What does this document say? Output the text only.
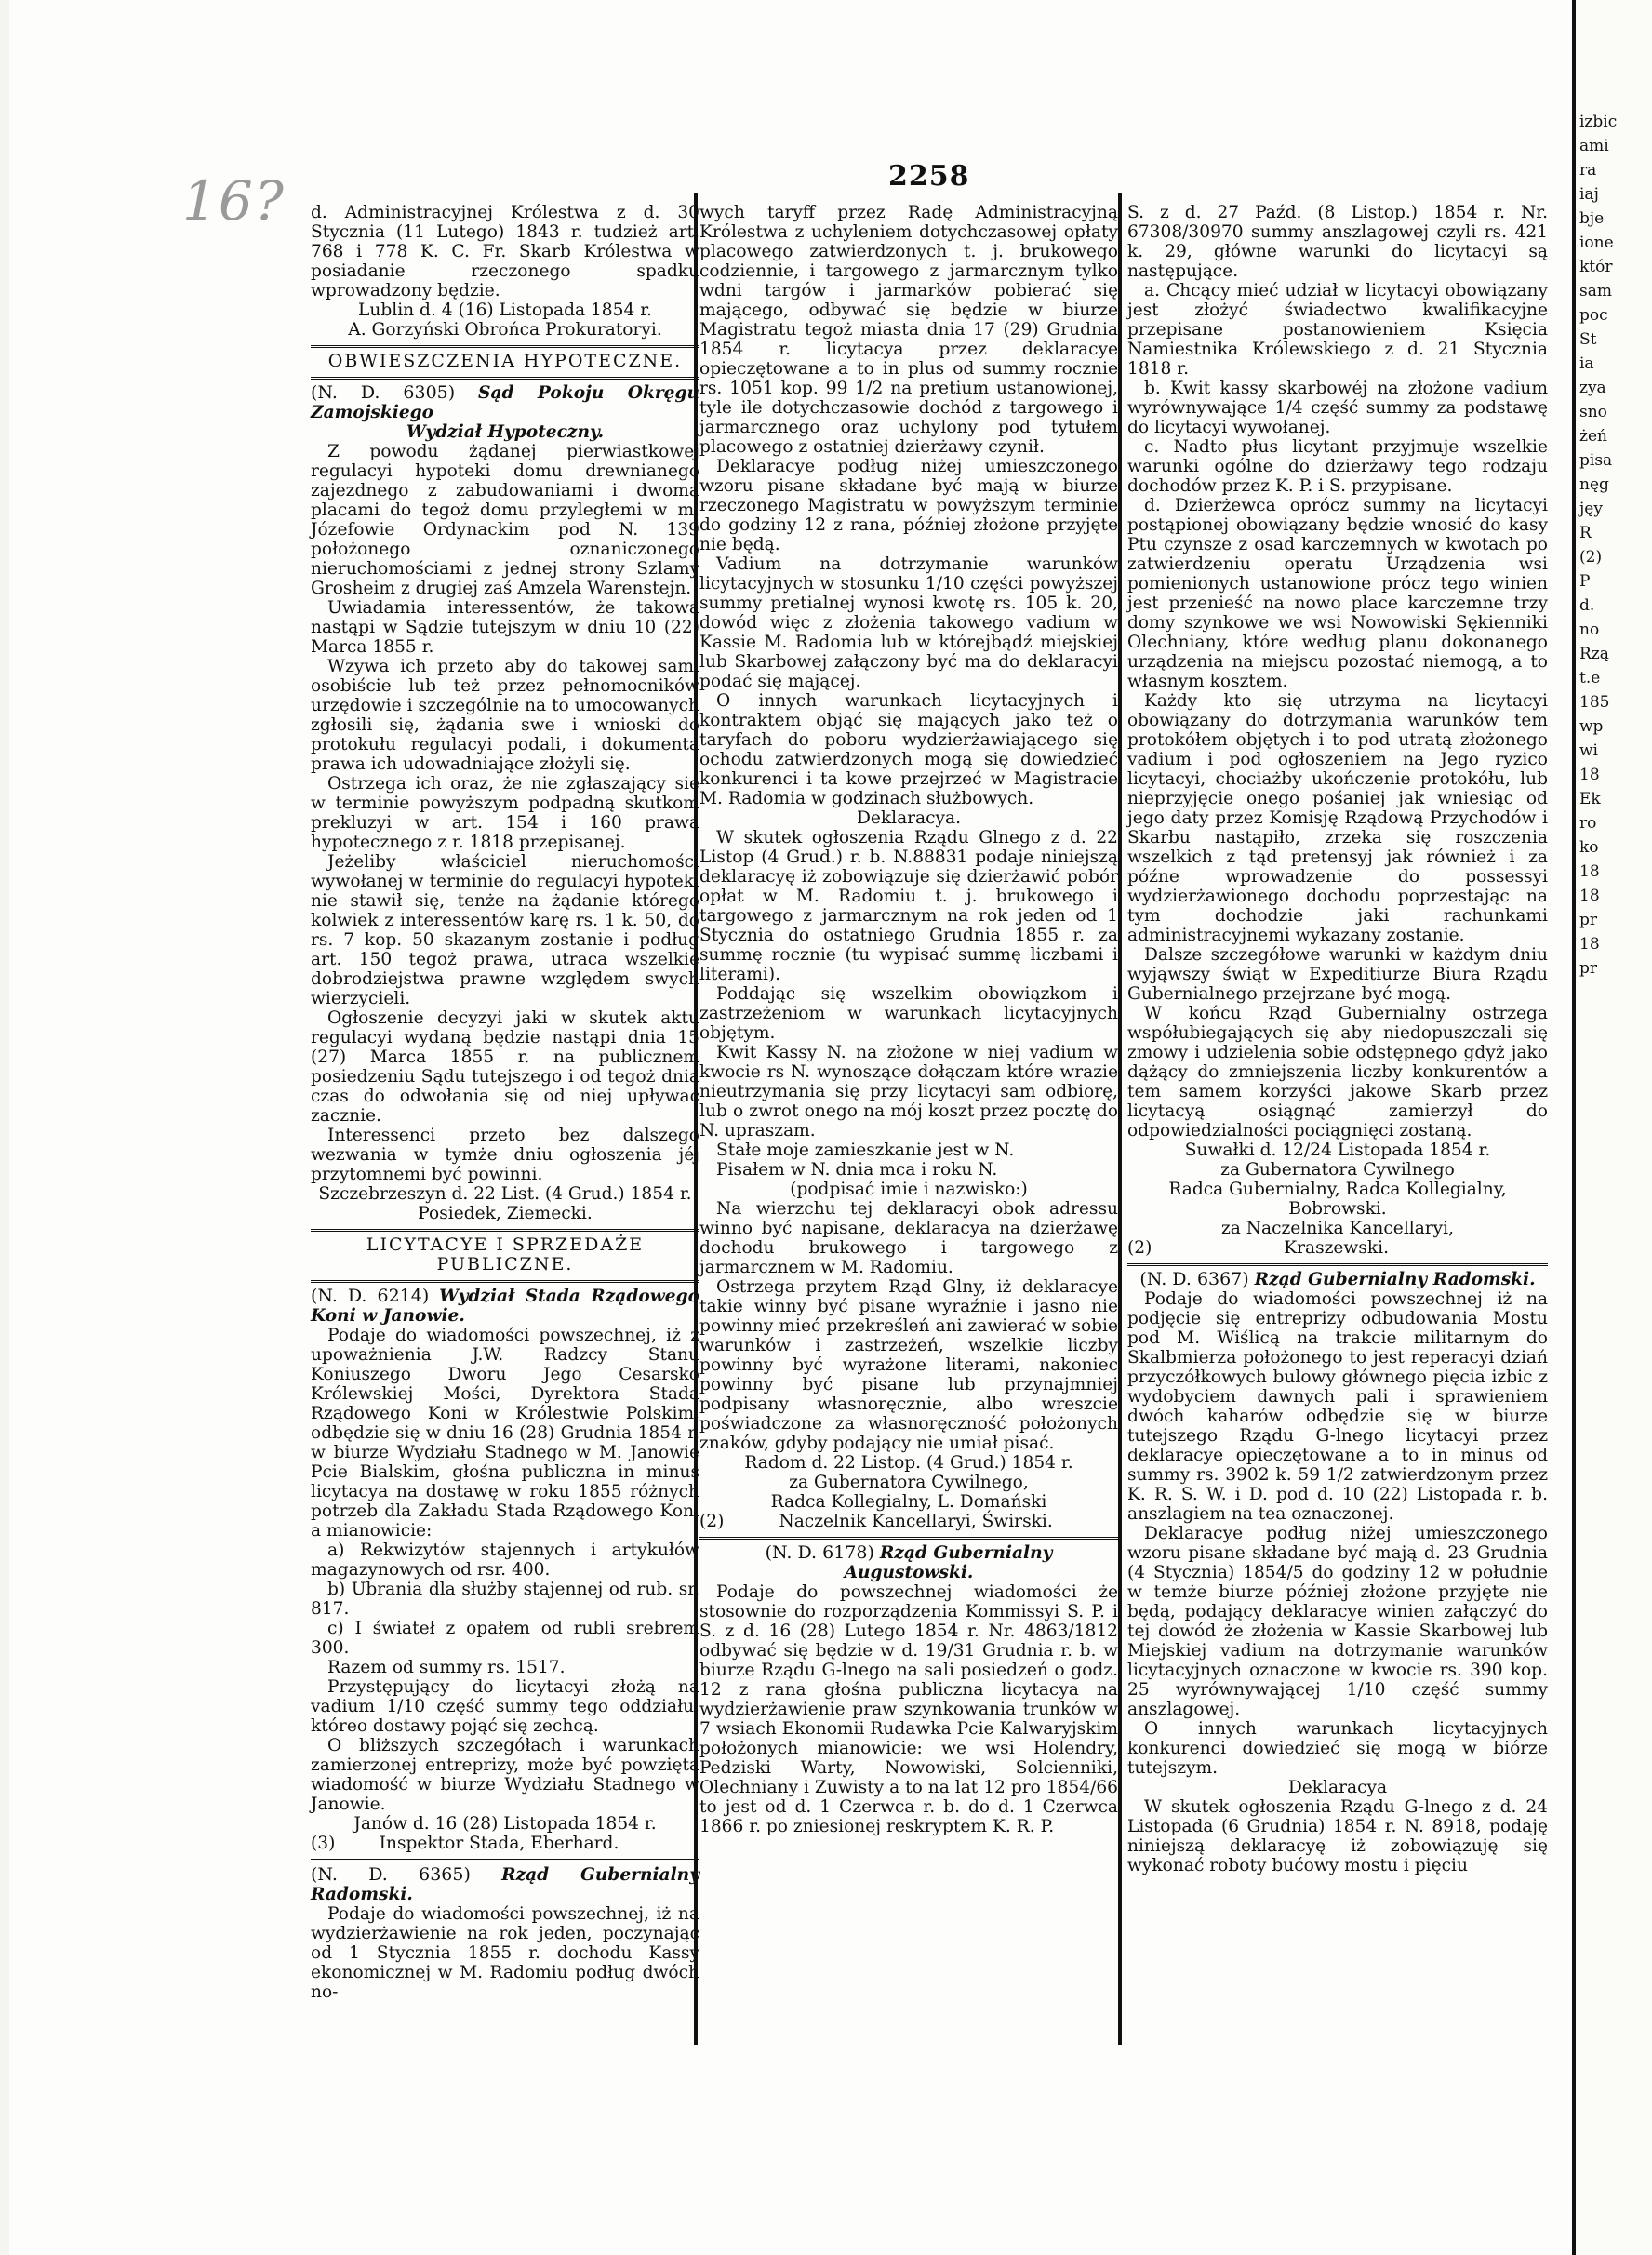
16?	2258

d. Administracyjnej Królestwa z d. 30 Stycznia (11 Lutego) 1843 r. tudzież art. 768 i 778 K. C. Fr. Skarb Królestwa w posiadanie rzeczonego spadku wprowadzony będzie.

Lublin d. 4 (16) Listopada 1854 r.

A. Gorzyński Obrońca Prokuratoryi.

OBWIESZCZENIA HYPOTECZNE.

(N. D. 6305) Sąd Pokoju Okręgu Zamojskiego

Wydział Hypoteczny.

Z powodu żądanej pierwiastkowej regulacyi hypoteki domu drewnianego zajezdnego z zabudowaniami i dwoma placami do tegoż domu przyległemi w m. Józefowie Ordynackim pod N. 139 położonego oznaniczonego nieruchomościami z jednej strony Szlamy Grosheim z drugiej zaś Amzela Warenstejn.

Uwiadamia interessentów, że takowa nastąpi w Sądzie tutejszym w dniu 10 (22) Marca 1855 r.

Wzywa ich przeto aby do takowej sami osobiście lub też przez pełnomocników urzędowie i szczególnie na to umocowanych zgłosili się, żądania swe i wnioski do protokułu regulacyi podali, i dokumenta prawa ich udowadniające złożyli się.

Ostrzega ich oraz, że nie zgłaszający się w terminie powyższym podpadną skutkom prekluzyi w art. 154 i 160 prawa hypotecznego z r. 1818 przepisanej.

Jeżeliby właściciel nieruchomości wywołanej w terminie do regulacyi hypoteki nie stawił się, tenże na żądanie którego kolwiek z interessentów karę rs. 1 k. 50, do rs. 7 kop. 50 skazanym zostanie i podług art. 150 tegoż prawa, utraca wszelkie dobrodziejstwa prawne względem swych wierzycieli.

Ogłoszenie decyzyi jaki w skutek aktu regulacyi wydaną będzie nastąpi dnia 15 (27) Marca 1855 r. na publicznem posiedzeniu Sądu tutejszego i od tegoż dnia czas do odwołania się od niej upływać zacznie.

Interessenci przeto bez dalszego wezwania w tymże dniu ogłoszenia jéj przytomnemi być powinni.

Szczebrzeszyn d. 22 List. (4 Grud.) 1854 r.

Posiedek, Ziemecki.

LICYTACYE I SPRZEDAŻE PUBLICZNE.

(N. D. 6214) Wydział Stada Rządowego Koni w Janowie.

Podaje do wiadomości powszechnej, iż z upoważnienia J.W. Radzcy Stanu Koniuszego Dworu Jego Cesarsko Królewskiej Mości, Dyrektora Stada Rządowego Koni w Królestwie Polskim, odbędzie się w dniu 16 (28) Grudnia 1854 r. w biurze Wydziału Stadnego w M. Janowie Pcie Bialskim, głośna publiczna in minus licytacya na dostawę w roku 1855 różnych potrzeb dla Zakładu Stada Rządowego Koni a mianowicie:

a) Rekwizytów stajennych i artykułów magazynowych od rsr. 400.

b) Ubrania dla służby stajennej od rub. sr. 817.

c) I świateł z opałem od rubli srebrem 300.

Razem od summy rs. 1517.

Przystępujący do licytacyi złożą na vadium 1/10 część summy tego oddziału, któreo dostawy pojąć się zechcą.

O bliższych szczegółach i warunkach zamierzonej entreprizy, może być powzięta wiadomość w biurze Wydziału Stadnego w Janowie.

Janów d. 16 (28) Listopada 1854 r.

(3)	Inspektor Stada, Eberhard.

(N. D. 6365) Rząd Gubernialny Radomski.

Podaje do wiadomości powszechnej, iż na wydzierżawienie na rok jeden, poczynając od 1 Stycznia 1855 r. dochodu Kassy ekonomicznej w M. Radomiu podług dwóch no-

wych taryff przez Radę Administracyjną Królestwa z uchyleniem dotychczasowej opłaty placowego zatwierdzonych t. j. brukowego codziennie, i targowego z jarmarcznym tylko wdni targów i jarmarków pobierać się mającego, odbywać się będzie w biurze Magistratu tegoż miasta dnia 17 (29) Grudnia 1854 r. licytacya przez deklaracye opieczętowane a to in plus od summy rocznie rs. 1051 kop. 99 1/2 na pretium ustanowionej, tyle ile dotychczasowie dochód z targowego i jarmarcznego oraz uchylony pod tytułem placowego z ostatniej dzierżawy czynił.

Deklaracye podług niżej umieszczonego wzoru pisane składane być mają w biurze rzeczonego Magistratu w powyższym terminie do godziny 12 z rana, później złożone przyjęte nie będą.

Vadium na dotrzymanie warunków licytacyjnych w stosunku 1/10 części powyższej summy pretialnej wynosi kwotę rs. 105 k. 20, dowód więc z złożenia takowego vadium w Kassie M. Radomia lub w którejbądź miejskiej lub Skarbowej załączony być ma do deklaracyi podać się mającej.

O innych warunkach licytacyjnych i kontraktem objąć się mających jako też o taryfach do poboru wydzierżawiającego się ochodu zatwierdzonych mogą się dowiedzieć konkurenci i ta kowe przejrzeć w Magistracie M. Radomia w godzinach służbowych.

Deklaracya.

W skutek ogłoszenia Rządu Glnego z d. 22 Listop (4 Grud.) r. b. N.88831 podaje niniejszą deklaracyę iż zobowiązuje się dzierżawić pobór opłat w M. Radomiu t. j. brukowego i targowego z jarmarcznym na rok jeden od 1 Stycznia do ostatniego Grudnia 1855 r. za summę rocznie (tu wypisać summę liczbami i literami).

Poddając się wszelkim obowiązkom i zastrzeżeniom w warunkach licytacyjnych objętym.

Kwit Kassy N. na złożone w niej vadium w kwocie rs N. wynoszące dołączam które wrazie nieutrzymania się przy licytacyi sam odbiorę, lub o zwrot onego na mój koszt przez pocztę do N. upraszam.

Stałe moje zamieszkanie jest w N.

Pisałem w N. dnia mca i roku N.

(podpisać imie i nazwisko:)

Na wierzchu tej deklaracyi obok adressu winno być napisane, deklaracya na dzierżawę dochodu brukowego i targowego z jarmarcznem w M. Radomiu.

Ostrzega przytem Rząd Glny, iż deklaracye takie winny być pisane wyraźnie i jasno nie powinny mieć przekreśleń ani zawierać w sobie warunków i zastrzeżeń, wszelkie liczby powinny być wyrażone literami, nakoniec powinny być pisane lub przynajmniej podpisany własnoręcznie, albo wreszcie poświadczone za własnoręczność położonych znaków, gdyby podający nie umiał pisać.

Radom d. 22 Listop. (4 Grud.) 1854 r.

za Gubernatora Cywilnego,

Radca Kollegialny, L. Domański

(2)	Naczelnik Kancellaryi, Świrski.

(N. D. 6178) Rząd Gubernialny Augustowski.

Podaje do powszechnej wiadomości że stosownie do rozporządzenia Kommissyi S. P. i S. z d. 16 (28) Lutego 1854 r. Nr. 4863/1812 odbywać się będzie w d. 19/31 Grudnia r. b. w biurze Rządu G-lnego na sali posiedzeń o godz. 12 z rana głośna publiczna licytacya na wydzierżawienie praw szynkowania trunków w 7 wsiach Ekonomii Rudawka Pcie Kalwaryjskim położonych mianowicie: we wsi Holendry, Pedziski Warty, Nowowiski, Solcienniki, Olechniany i Zuwisty a to na lat 12 pro 1854/66 to jest od d. 1 Czerwca r. b. do d. 1 Czerwca 1866 r. po zniesionej reskryptem K. R. P.

S. z d. 27 Paźd. (8 Listop.) 1854 r. Nr. 67308/30970 summy anszlagowej czyli rs. 421 k. 29, główne warunki do licytacyi są następujące.

a. Chcący mieć udział w licytacyi obowiązany jest złożyć świadectwo kwalifikacyjne przepisane postanowieniem Księcia Namiestnika Królewskiego z d. 21 Stycznia 1818 r.

b. Kwit kassy skarbowéj na złożone vadium wyrównywające 1/4 część summy za podstawę do licytacyi wywołanej.

c. Nadto płus licytant przyjmuje wszelkie warunki ogólne do dzierżawy tego rodzaju dochodów przez K. P. i S. przypisane.

d. Dzierżewca oprócz summy na licytacyi postąpionej obowiązany będzie wnosić do kasy Ptu czynsze z osad karczemnych w kwotach po zatwierdzeniu operatu Urządzenia wsi pomienionych ustanowione prócz tego winien jest przenieść na nowo place karczemne trzy domy szynkowe we wsi Nowowiski Sękienniki Olechniany, które według planu dokonanego urządzenia na miejscu pozostać niemogą, a to własnym kosztem.

Każdy kto się utrzyma na licytacyi obowiązany do dotrzymania warunków tem protokółem objętych i to pod utratą złożonego vadium i pod ogłoszeniem na Jego ryzico licytacyi, chociażby ukończenie protokółu, lub nieprzyjęcie onego pośaniej jak wniesiąc od jego daty przez Komisję Rządową Przychodów i Skarbu nastąpiło, zrzeka się roszczenia wszelkich z tąd pretensyj jak również i za późne wprowadzenie do possessyi wydzierżawionego dochodu poprzestając na tym dochodzie jaki rachunkami administracyjnemi wykazany zostanie.

Dalsze szczegółowe warunki w każdym dniu wyjąwszy świąt w Expeditiurze Biura Rządu Gubernialnego przejrzane być mogą.

W końcu Rząd Gubernialny ostrzega współubiegających się aby niedopuszczali się zmowy i udzielenia sobie odstępnego gdyż jako dążący do zmniejszenia liczby konkurentów a tem samem korzyści jakowe Skarb przez licytacyą osiągnąć zamierzył do odpowiedzialności pociągnięci zostaną.

Suwałki d. 12/24 Listopada 1854 r.

za Gubernatora Cywilnego

Radca Gubernialny, Radca Kollegialny,

Bobrowski.

za Naczelnika Kancellaryi,

(2)	Kraszewski.

(N. D. 6367) Rząd Gubernialny Radomski.

Podaje do wiadomości powszechnej iż na podjęcie się entreprizy odbudowania Mostu pod M. Wiślicą na trakcie militarnym do Skalbmierza położonego to jest reperacyi dziań przyczółkowych bulowy głównego pięcia izbic z wydobyciem dawnych pali i sprawieniem dwóch kaharów odbędzie się w biurze tutejszego Rządu G-lnego licytacyi przez deklaracye opieczętowane a to in minus od summy rs. 3902 k. 59 1/2 zatwierdzonym przez K. R. S. W. i D. pod d. 10 (22) Listopada r. b. anszlagiem na tea oznaczonej.

Deklaracye podług niżej umieszczonego wzoru pisane składane być mają d. 23 Grudnia (4 Stycznia) 1854/5 do godziny 12 w południe w temże biurze później złożone przyjęte nie będą, podający deklaracye winien załączyć do tej dowód że złożenia w Kassie Skarbowej lub Miejskiej vadium na dotrzymanie warunków licytacyjnych oznaczone w kwocie rs. 390 kop. 25 wyrównywającej 1/10 część summy anszlagowej.

O innych warunkach licytacyjnych konkurenci dowiedzieć się mogą w biórze tutejszym.

Deklaracya

W skutek ogłoszenia Rządu G-lnego z d. 24 Listopada (6 Grudnia) 1854 r. N. 8918, podaję niniejszą deklaracyę iż zobowiązuję się wykonać roboty bućowy mostu i pięciu

izbic
ami
ra
iaj
bje
ione
któr
sam
poc
St
ia
zya
sno
żeń
pisa
nęg
jęy
R
(2)
P
d.
no
Rzą
t.e
185
wp
wi
18
Ek
ro
ko
18
18
pr
18
pr
